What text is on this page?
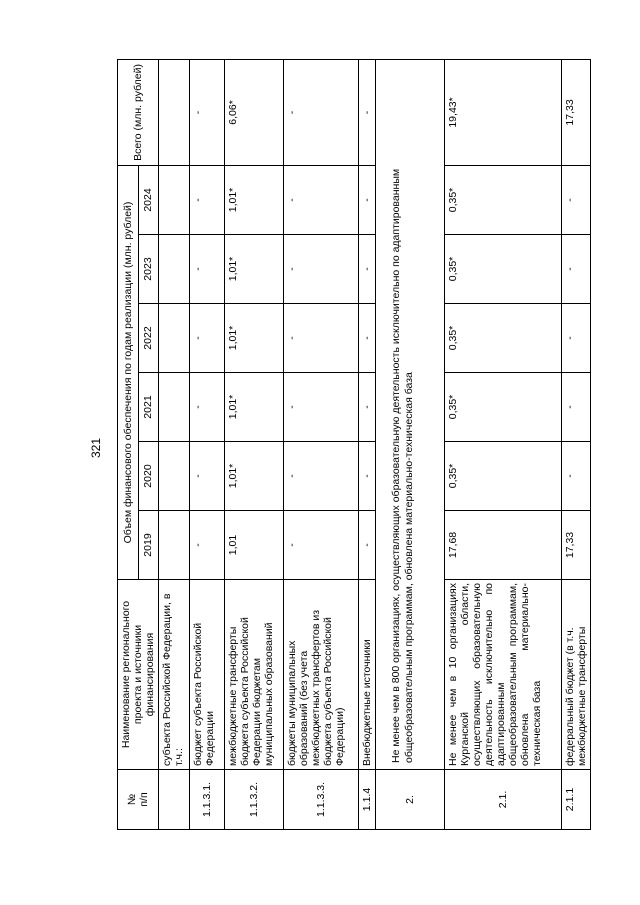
321
№
п/п	Наименование регионального проекта и источники финансирования	Объем финансового обеспечения по годам реализации (млн. рублей)						Всего (млн. рублей)
		2019	2020	2021	2022	2023	2024	
	субъекта Российской Федерации, в т.ч.:							
1.1.3.1.	бюджет субъекта Российской Федерации	-	-	-	-	-	-	-
1.1.3.2.	межбюджетные трансферты бюджета субъекта Российской Федерации бюджетам муниципальных образований	1,01	1,01*	1,01*	1,01*	1,01*	1,01*	6,06*
1.1.3.3.	бюджеты муниципальных образований (без учета межбюджетных трансфертов из бюджета субъекта Российской Федерации)	-	-	-	-	-	-	-
1.1.4	Внебюджетные источники	-	-	-	-	-	-	-
2.	Не менее чем в 800 организациях, осуществляющих образовательную деятельность исключительно по адаптированным общеобразовательным программам, обновлена материально-техническая база							
2.1.	Не менее чем в 10 организациях Курганской области, осуществляющих образовательную деятельность исключительно по адаптированным общеобразовательным программам, обновлена материально-техническая база	17,68	0,35*	0,35*	0,35*	0,35*	0,35*	19,43*
2.1.1	федеральный бюджет (в т.ч. межбюджетные трансферты	17,33	-	-	-	-	-	17,33
